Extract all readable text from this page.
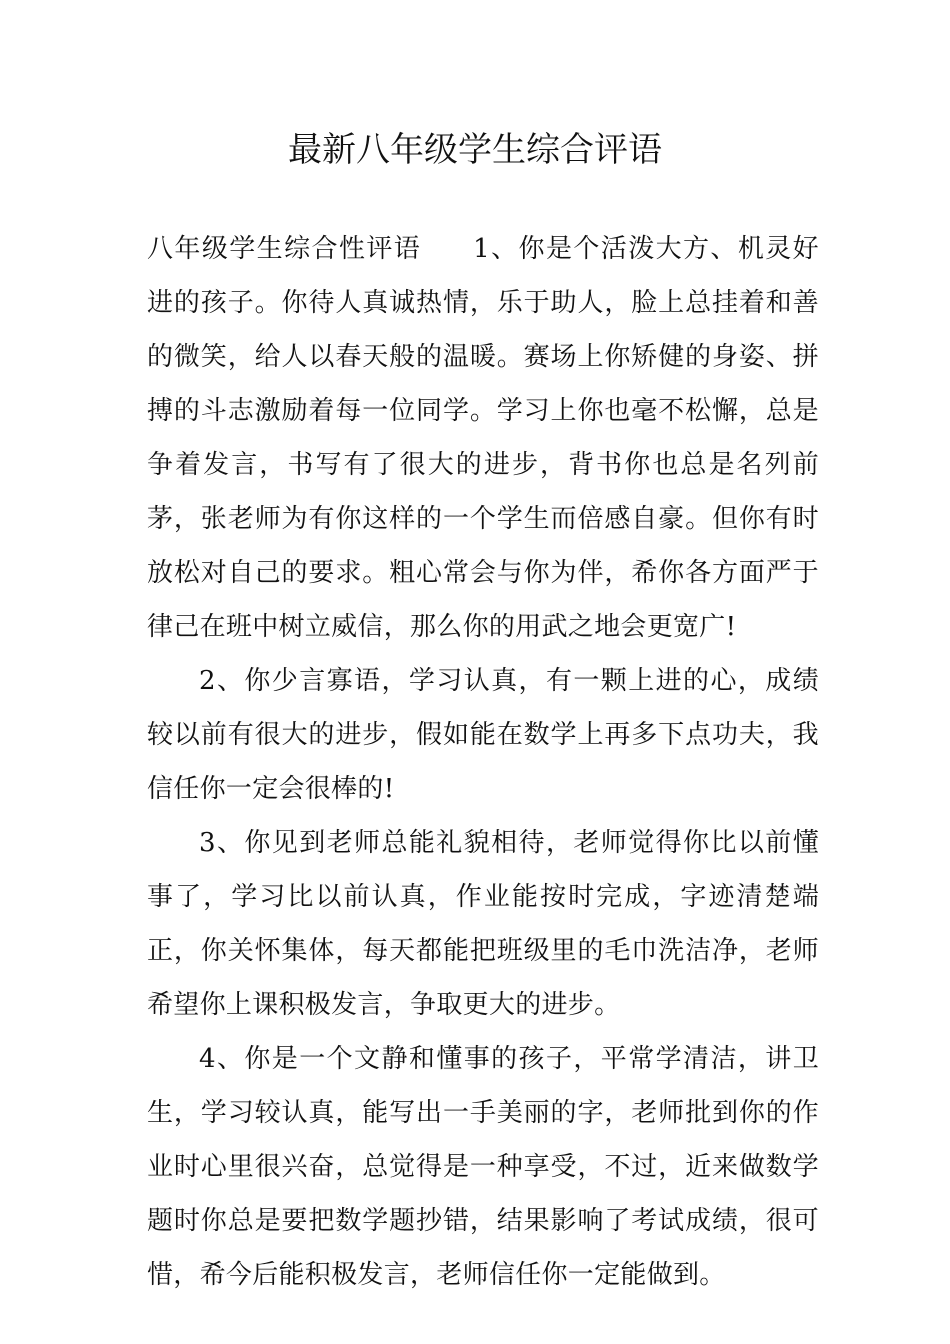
最新八年级学生综合评语

八年级学生综合性评语 1、你是个活泼大方、机灵好进的孩子。你待人真诚热情，乐于助人，脸上总挂着和善的微笑，给人以春天般的温暖。赛场上你矫健的身姿、拼搏的斗志激励着每一位同学。学习上你也毫不松懈，总是争着发言，书写有了很大的进步，背书你也总是名列前茅，张老师为有你这样的一个学生而倍感自豪。但你有时放松对自己的要求。粗心常会与你为伴，希你各方面严于律己在班中树立威信，那么你的用武之地会更宽广!

2、你少言寡语，学习认真，有一颗上进的心，成绩较以前有很大的进步，假如能在数学上再多下点功夫，我信任你一定会很棒的!

3、你见到老师总能礼貌相待，老师觉得你比以前懂事了，学习比以前认真，作业能按时完成，字迹清楚端正，你关怀集体，每天都能把班级里的毛巾洗洁净，老师希望你上课积极发言，争取更大的进步。

4、你是一个文静和懂事的孩子，平常学清洁，讲卫生，学习较认真，能写出一手美丽的字，老师批到你的作业时心里很兴奋，总觉得是一种享受，不过，近来做数学题时你总是要把数学题抄错，结果影响了考试成绩，很可惜，希今后能积极发言，老师信任你一定能做到。
